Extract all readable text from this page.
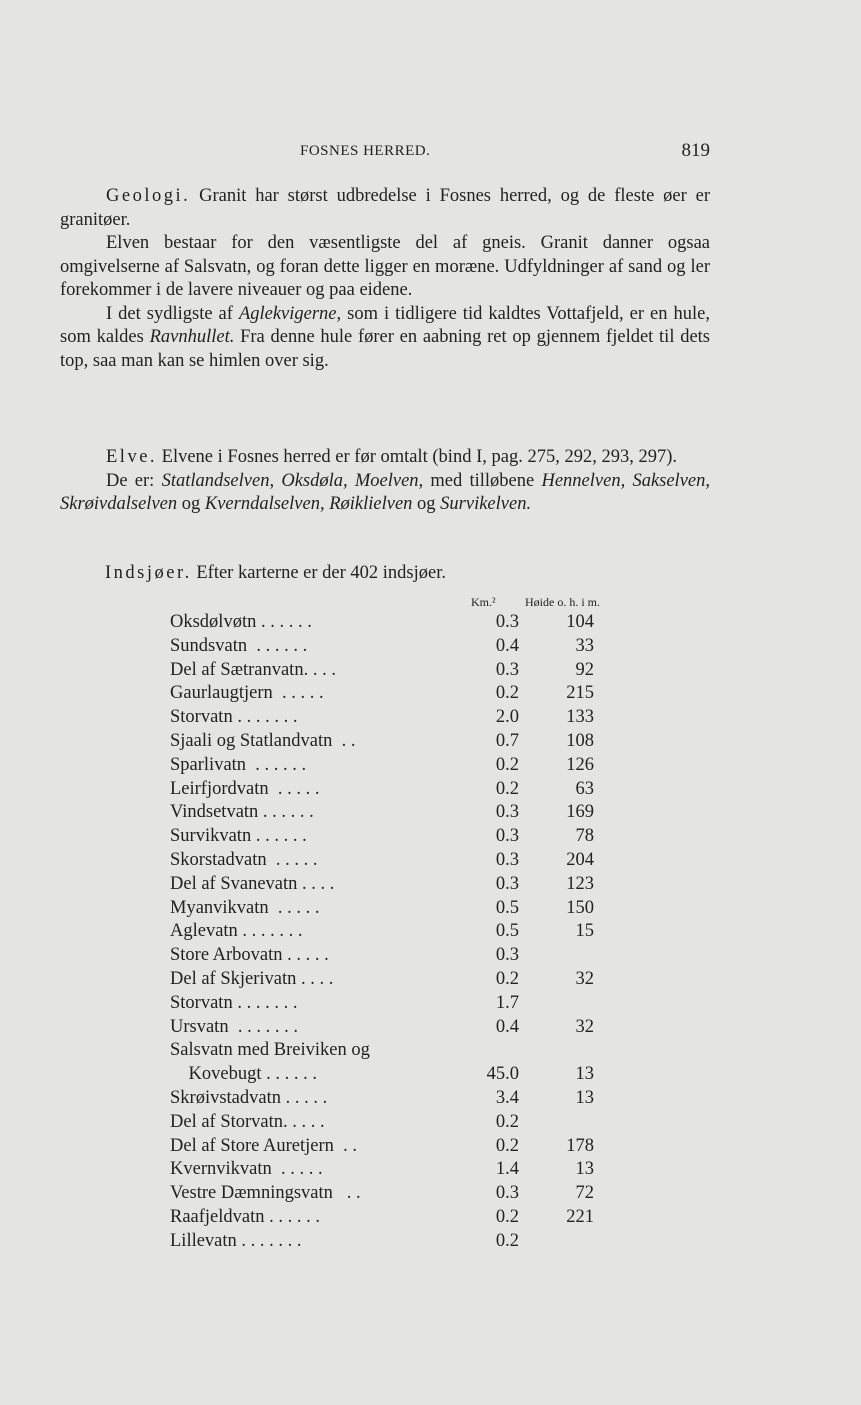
FOSNES HERRED.	819

Geologi. Granit har størst udbredelse i Fosnes herred, og de fleste øer er granitøer.

Elven bestaar for den væsentligste del af gneis. Granit danner ogsaa omgivelserne af Salsvatn, og foran dette ligger en moræne. Udfyldninger af sand og ler forekommer i de lavere niveauer og paa eidene.

I det sydligste af Aglekvigerne, som i tidligere tid kaldtes Vottafjeld, er en hule, som kaldes Ravnhullet. Fra denne hule fører en aabning ret op gjennem fjeldet til dets top, saa man kan se himlen over sig.

Elve. Elvene i Fosnes herred er før omtalt (bind I, pag. 275, 292, 293, 297).

De er: Statlandselven, Oksdøla, Moelven, med tilløbene Hennelven, Sakselven, Skrøivdalselven og Kverndalselven, Røiklielven og Survikelven.

Indsjøer. Efter karterne er der 402 indsjøer.
Km.² Høide o. h. i m.
Oksdølvøtn . . . . . .	0.3	104
Sundsvatn  . . . . . .	0.4	33
Del af Sætranvatn. . . .	0.3	92
Gaurlaugtjern  . . . . .	0.2	215
Storvatn . . . . . . .	2.0	133
Sjaali og Statlandvatn  . .	0.7	108
Sparlivatn  . . . . . .	0.2	126
Leirfjordvatn  . . . . .	0.2	63
Vindsetvatn . . . . . .	0.3	169
Survikvatn . . . . . .	0.3	78
Skorstadvatn  . . . . .	0.3	204
Del af Svanevatn . . . .	0.3	123
Myanvikvatn  . . . . .	0.5	150
Aglevatn . . . . . . .	0.5	15
Store Arbovatn . . . . .	0.3
Del af Skjerivatn . . . .	0.2	32
Storvatn . . . . . . .	1.7
Ursvatn  . . . . . . .	0.4	32
Salsvatn med Breiviken og
Kovebugt . . . . . .	45.0	13
Skrøivstadvatn . . . . .	3.4	13
Del af Storvatn. . . . .	0.2
Del af Store Auretjern  . .	0.2	178
Kvernvikvatn  . . . . .	1.4	13
Vestre Dæmningsvatn   . .	0.3	72
Raafjeldvatn . . . . . .	0.2	221
Lillevatn . . . . . . .	0.2
